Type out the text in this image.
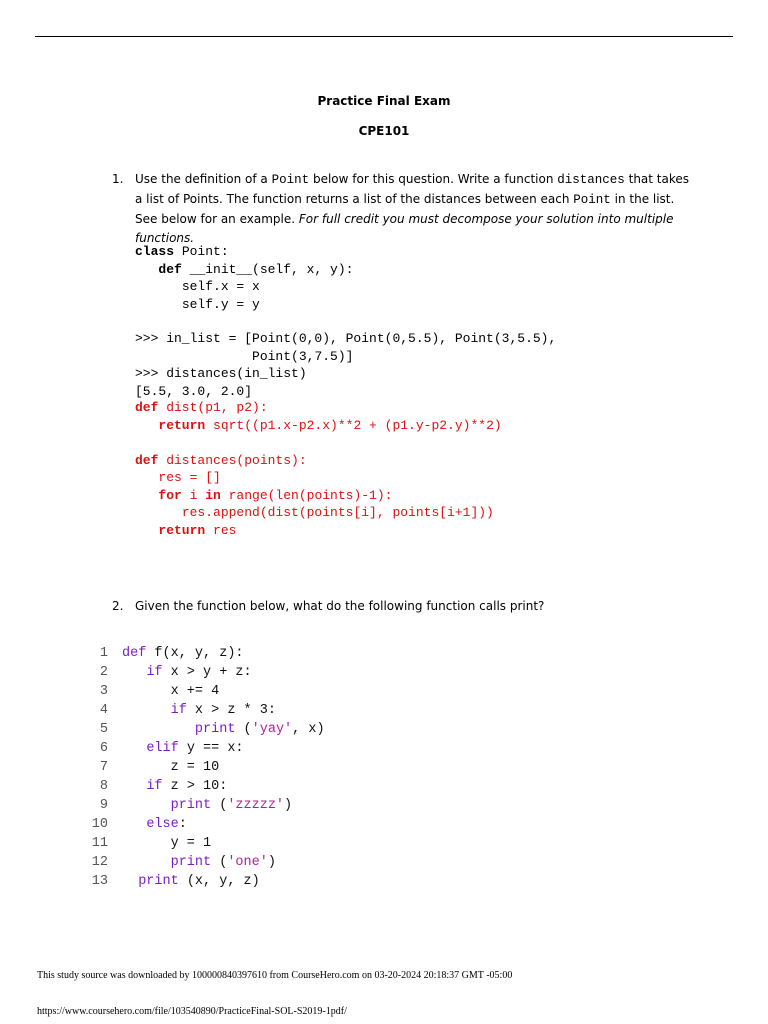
Practice Final Exam
CPE101
1. Use the definition of a Point below for this question. Write a function distances that takes a list of Points. The function returns a list of the distances between each Point in the list. See below for an example. For full credit you must decompose your solution into multiple functions.
class Point:
def __init__(self, x, y):
self.x = x
self.y = y
>>> in_list = [Point(0,0), Point(0,5.5), Point(3,5.5),
Point(3,7.5)]
>>> distances(in_list)
[5.5, 3.0, 2.0]
def dist(p1, p2):
return sqrt((p1.x-p2.x)**2 + (p1.y-p2.y)**2)

def distances(points):
res = []
for i in range(len(points)-1):
res.append(dist(points[i], points[i+1]))
return res
2. Given the function below, what do the following function calls print?
1 def f(x, y, z):
2	if x > y + z:
3	x += 4
4	if x > z * 3:
5	print ('yay', x)
6	elif y == x:
7	z = 10
8	if z > 10:
9	print ('zzzzz')
10	else:
11	y = 1
12	print ('one')
13 print (x, y, z)
This study source was downloaded by 100000840397610 from CourseHero.com on 03-20-2024 20:18:37 GMT -05:00
https://www.coursehero.com/file/103540890/PracticeFinal-SOL-S2019-1pdf/
